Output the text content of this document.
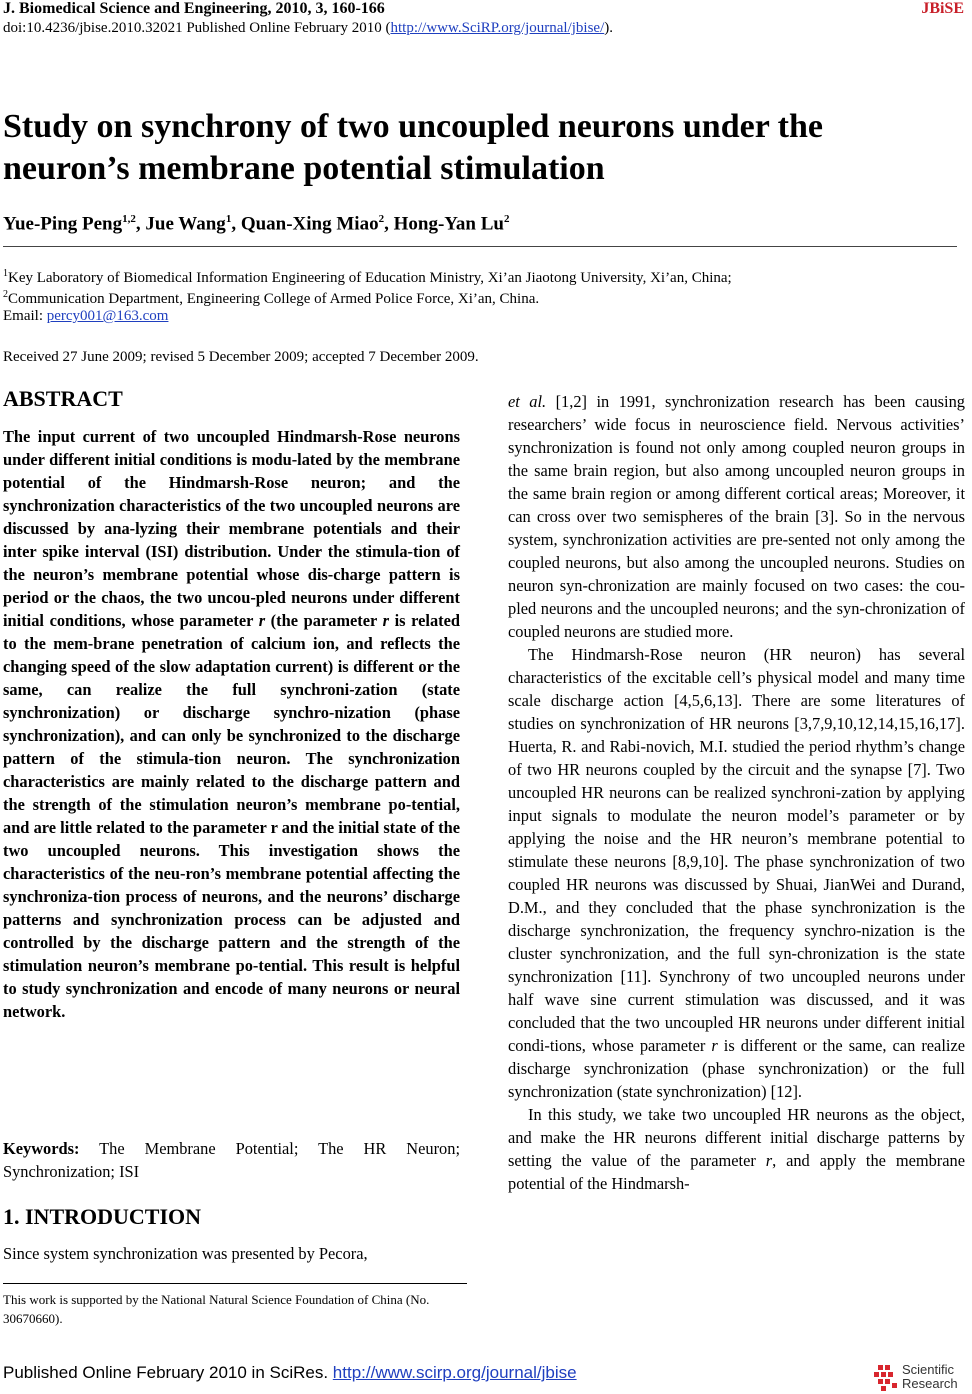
J. Biomedical Science and Engineering, 2010, 3, 160-166	JBiSE
doi:10.4236/jbise.2010.32021 Published Online February 2010 (http://www.SciRP.org/journal/jbise/).
Study on synchrony of two uncoupled neurons under the neuron’s membrane potential stimulation
Yue-Ping Peng$^{1,2}$, Jue Wang$^1$, Quan-Xing Miao$^2$, Hong-Yan Lu$^2$
$^1$Key Laboratory of Biomedical Information Engineering of Education Ministry, Xi’an Jiaotong University, Xi’an, China;
$^2$Communication Department, Engineering College of Armed Police Force, Xi’an, China.
Email: percy001@163.com
Received 27 June 2009; revised 5 December 2009; accepted 7 December 2009.
ABSTRACT
The input current of two uncoupled Hindmarsh-Rose neurons under different initial conditions is modu-lated by the membrane potential of the Hindmarsh-Rose neuron; and the synchronization characteristics of the two uncoupled neurons are discussed by ana-lyzing their membrane potentials and their inter spike interval (ISI) distribution. Under the stimula-tion of the neuron’s membrane potential whose dis-charge pattern is period or the chaos, the two uncou-pled neurons under different initial conditions, whose parameter r (the parameter r is related to the mem-brane penetration of calcium ion, and reflects the changing speed of the slow adaptation current) is different or the same, can realize the full synchroni-zation (state synchronization) or discharge synchro-nization (phase synchronization), and can only be synchronized to the discharge pattern of the stimula-tion neuron. The synchronization characteristics are mainly related to the discharge pattern and the strength of the stimulation neuron’s membrane po-tential, and are little related to the parameter r and the initial state of the two uncoupled neurons. This investigation shows the characteristics of the neu-ron’s membrane potential affecting the synchroniza-tion process of neurons, and the neurons’ discharge patterns and synchronization process can be adjusted and controlled by the discharge pattern and the strength of the stimulation neuron’s membrane po-tential. This result is helpful to study synchronization and encode of many neurons or neural network.
Keywords: The Membrane Potential; The HR Neuron; Synchronization; ISI
1. INTRODUCTION
Since system synchronization was presented by Pecora,
This work is supported by the National Natural Science Foundation of China (No. 30670660).

et al. [1,2] in 1991, synchronization research has been causing researchers’ wide focus in neuroscience field. Nervous activities’ synchronization is found not only among coupled neuron groups in the same brain region, but also among uncoupled neuron groups in the same brain region or among different cortical areas; Moreover, it can cross over two semispheres of the brain [3]. So in the nervous system, synchronization activities are pre-sented not only among the coupled neurons, but also among the uncoupled neurons. Studies on neuron syn-chronization are mainly focused on two cases: the cou-pled neurons and the uncoupled neurons; and the syn-chronization of coupled neurons are studied more.

The Hindmarsh-Rose neuron (HR neuron) has several characteristics of the excitable cell’s physical model and many time scale discharge action [4,5,6,13]. There are some literatures of studies on synchronization of HR neurons [3,7,9,10,12,14,15,16,17]. Huerta, R. and Rabi-novich, M.I. studied the period rhythm’s change of two HR neurons coupled by the circuit and the synapse [7]. Two uncoupled HR neurons can be realized synchroni-zation by applying input signals to modulate the neuron model’s parameter or by applying the noise and the HR neuron’s membrane potential to stimulate these neurons [8,9,10]. The phase synchronization of two coupled HR neurons was discussed by Shuai, JianWei and Durand, D.M., and they concluded that the phase synchronization is the discharge synchronization, the frequency synchro-nization is the cluster synchronization, and the full syn-chronization is the state synchronization [11]. Synchrony of two uncoupled neurons under half wave sine current stimulation was discussed, and it was concluded that the two uncoupled HR neurons under different initial condi-tions, whose parameter r is different or the same, can realize discharge synchronization (phase synchronization) or the full synchronization (state synchronization) [12].

In this study, we take two uncoupled HR neurons as the object, and make the HR neurons different initial discharge patterns by setting the value of the parameter r, and apply the membrane potential of the Hindmarsh-

Published Online February 2010 in SciRes. http://www.scirp.org/journal/jbise	Scientific
Research
